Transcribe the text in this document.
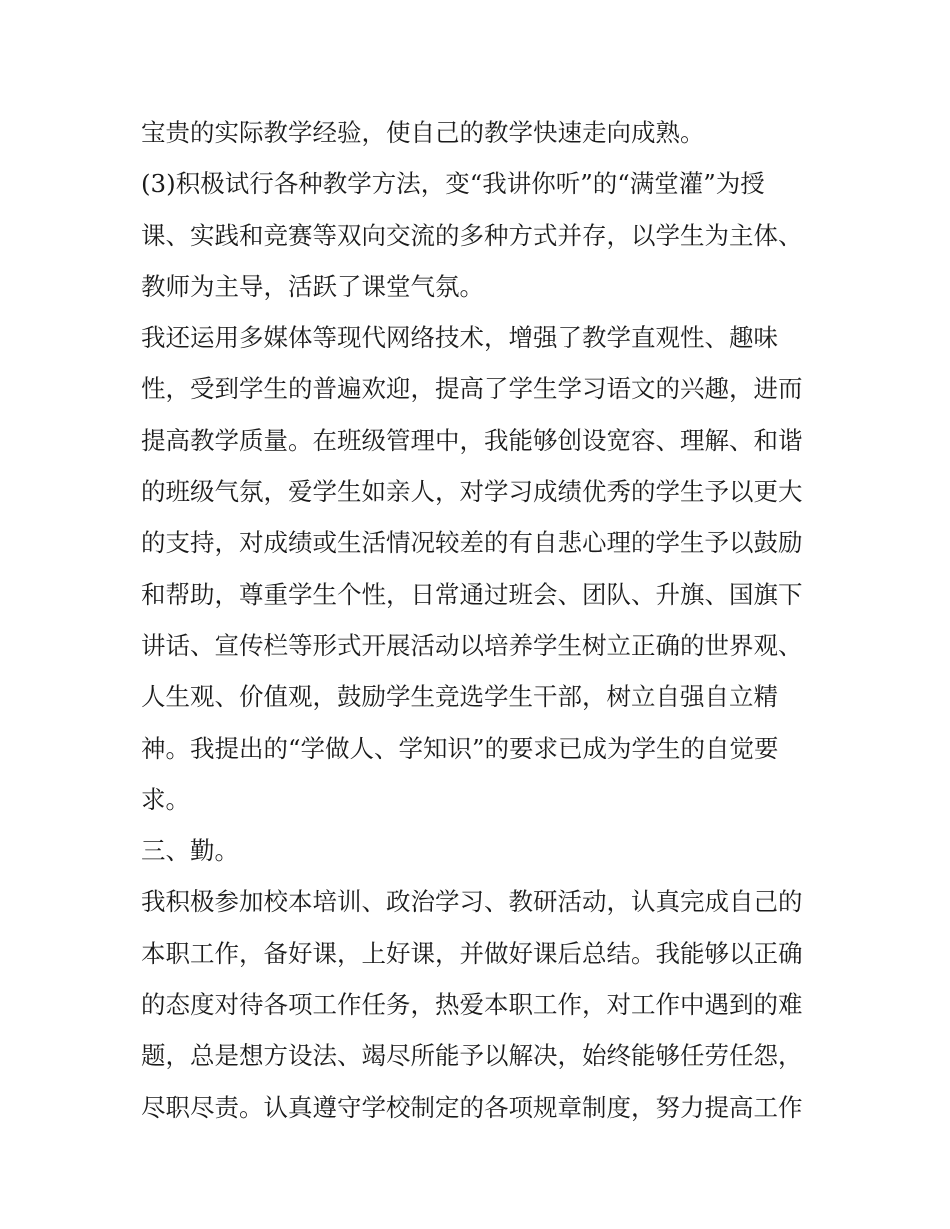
宝贵的实际教学经验，使自己的教学快速走向成熟。
(3)积极试行各种教学方法，变“我讲你听”的“满堂灌”为授
课、实践和竞赛等双向交流的多种方式并存，以学生为主体、
教师为主导，活跃了课堂气氛。
我还运用多媒体等现代网络技术，增强了教学直观性、趣味
性，受到学生的普遍欢迎，提高了学生学习语文的兴趣，进而
提高教学质量。在班级管理中，我能够创设宽容、理解、和谐
的班级气氛，爱学生如亲人，对学习成绩优秀的学生予以更大
的支持，对成绩或生活情况较差的有自悲心理的学生予以鼓励
和帮助，尊重学生个性，日常通过班会、团队、升旗、国旗下
讲话、宣传栏等形式开展活动以培养学生树立正确的世界观、
人生观、价值观，鼓励学生竞选学生干部，树立自强自立精
神。我提出的“学做人、学知识”的要求已成为学生的自觉要
求。
三、勤。
我积极参加校本培训、政治学习、教研活动，认真完成自己的
本职工作，备好课，上好课，并做好课后总结。我能够以正确
的态度对待各项工作任务，热爱本职工作，对工作中遇到的难
题，总是想方设法、竭尽所能予以解决，始终能够任劳任怨，
尽职尽责。认真遵守学校制定的各项规章制度，努力提高工作
